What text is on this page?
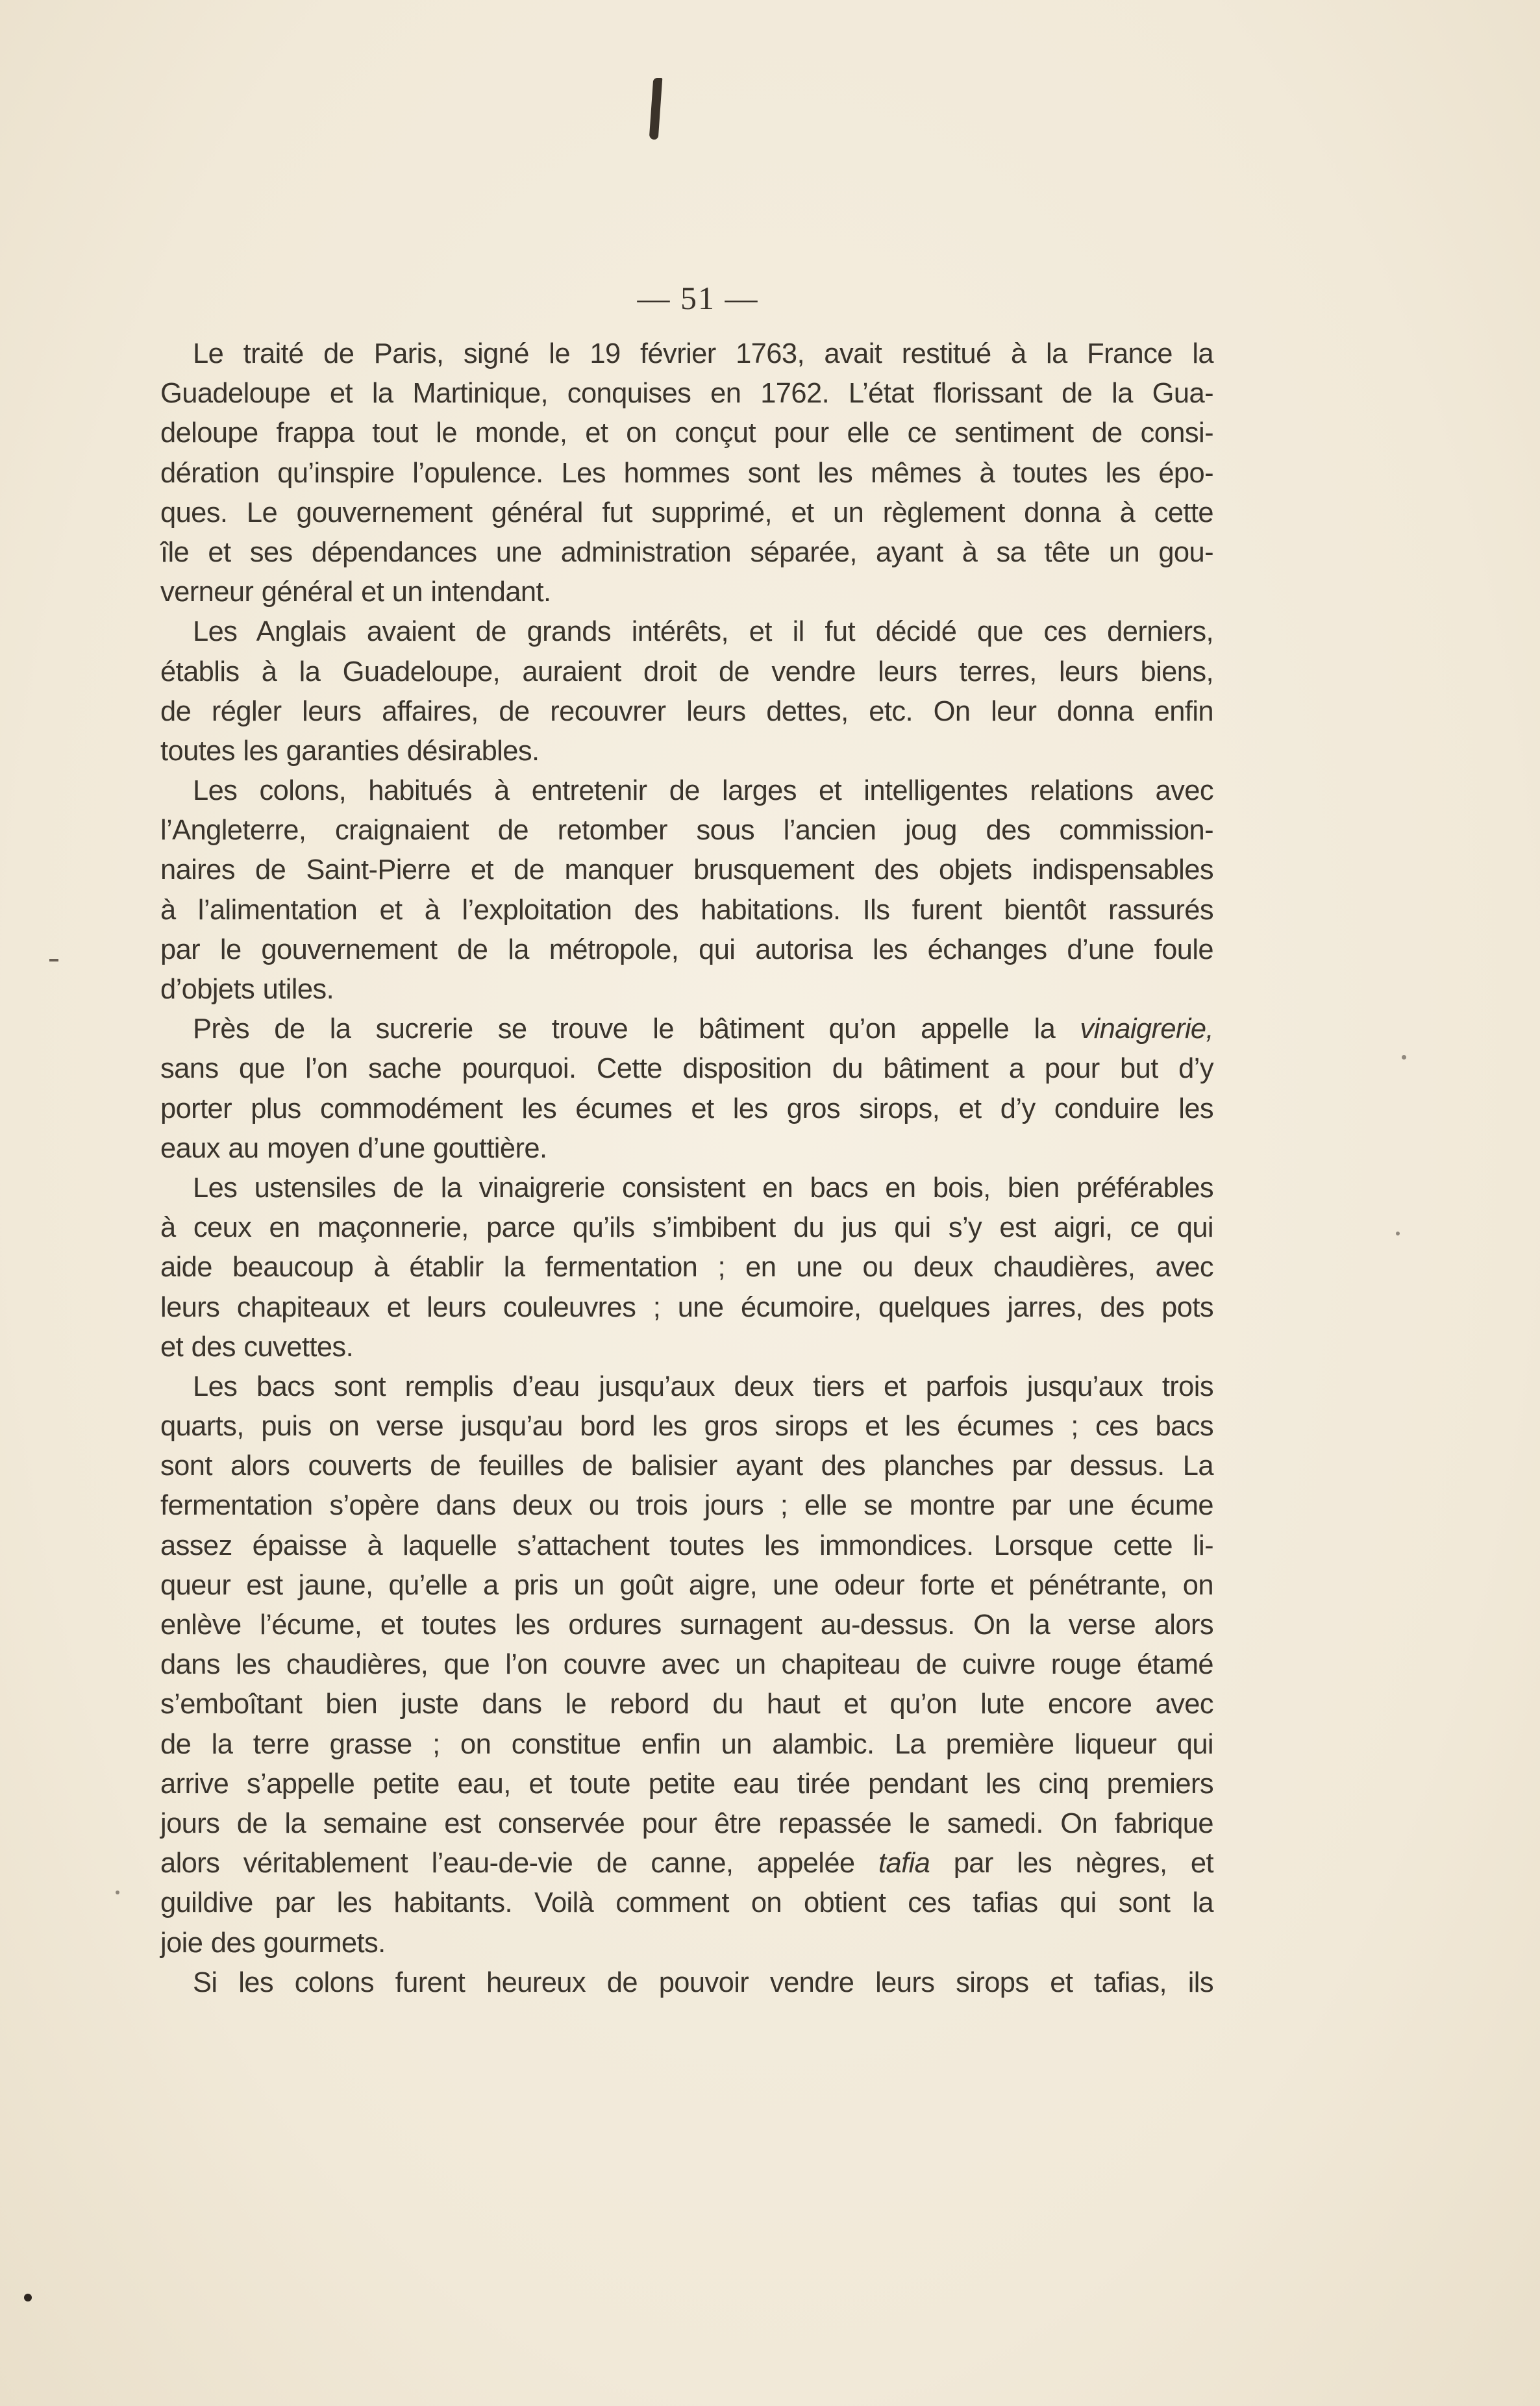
— 51 —
Le traité de Paris, signé le 19 février 1763, avait restitué à la France la
Guadeloupe et la Martinique, conquises en 1762. L’état florissant de la Gua-
deloupe frappa tout le monde, et on conçut pour elle ce sentiment de consi-
dération qu’inspire l’opulence. Les hommes sont les mêmes à toutes les épo-
ques. Le gouvernement général fut supprimé, et un règlement donna à cette
île et ses dépendances une administration séparée, ayant à sa tête un gou-
verneur général et un intendant.
Les Anglais avaient de grands intérêts, et il fut décidé que ces derniers,
établis à la Guadeloupe, auraient droit de vendre leurs terres, leurs biens,
de régler leurs affaires, de recouvrer leurs dettes, etc. On leur donna enfin
toutes les garanties désirables.
Les colons, habitués à entretenir de larges et intelligentes relations avec
l’Angleterre, craignaient de retomber sous l’ancien joug des commission-
naires de Saint-Pierre et de manquer brusquement des objets indispensables
à l’alimentation et à l’exploitation des habitations. Ils furent bientôt rassurés
par le gouvernement de la métropole, qui autorisa les échanges d’une foule
d’objets utiles.
Près de la sucrerie se trouve le bâtiment qu’on appelle la vinaigrerie,
sans que l’on sache pourquoi. Cette disposition du bâtiment a pour but d’y
porter plus commodément les écumes et les gros sirops, et d’y conduire les
eaux au moyen d’une gouttière.
Les ustensiles de la vinaigrerie consistent en bacs en bois, bien préférables
à ceux en maçonnerie, parce qu’ils s’imbibent du jus qui s’y est aigri, ce qui
aide beaucoup à établir la fermentation ; en une ou deux chaudières, avec
leurs chapiteaux et leurs couleuvres ; une écumoire, quelques jarres, des pots
et des cuvettes.
Les bacs sont remplis d’eau jusqu’aux deux tiers et parfois jusqu’aux trois
quarts, puis on verse jusqu’au bord les gros sirops et les écumes ; ces bacs
sont alors couverts de feuilles de balisier ayant des planches par dessus. La
fermentation s’opère dans deux ou trois jours ; elle se montre par une écume
assez épaisse à laquelle s’attachent toutes les immondices. Lorsque cette li-
queur est jaune, qu’elle a pris un goût aigre, une odeur forte et pénétrante, on
enlève l’écume, et toutes les ordures surnagent au-dessus. On la verse alors
dans les chaudières, que l’on couvre avec un chapiteau de cuivre rouge étamé
s’emboîtant bien juste dans le rebord du haut et qu’on lute encore avec
de la terre grasse ; on constitue enfin un alambic. La première liqueur qui
arrive s’appelle petite eau, et toute petite eau tirée pendant les cinq premiers
jours de la semaine est conservée pour être repassée le samedi. On fabrique
alors véritablement l’eau-de-vie de canne, appelée tafia par les nègres, et
guildive par les habitants. Voilà comment on obtient ces tafias qui sont la
joie des gourmets.
Si les colons furent heureux de pouvoir vendre leurs sirops et tafias, ils
